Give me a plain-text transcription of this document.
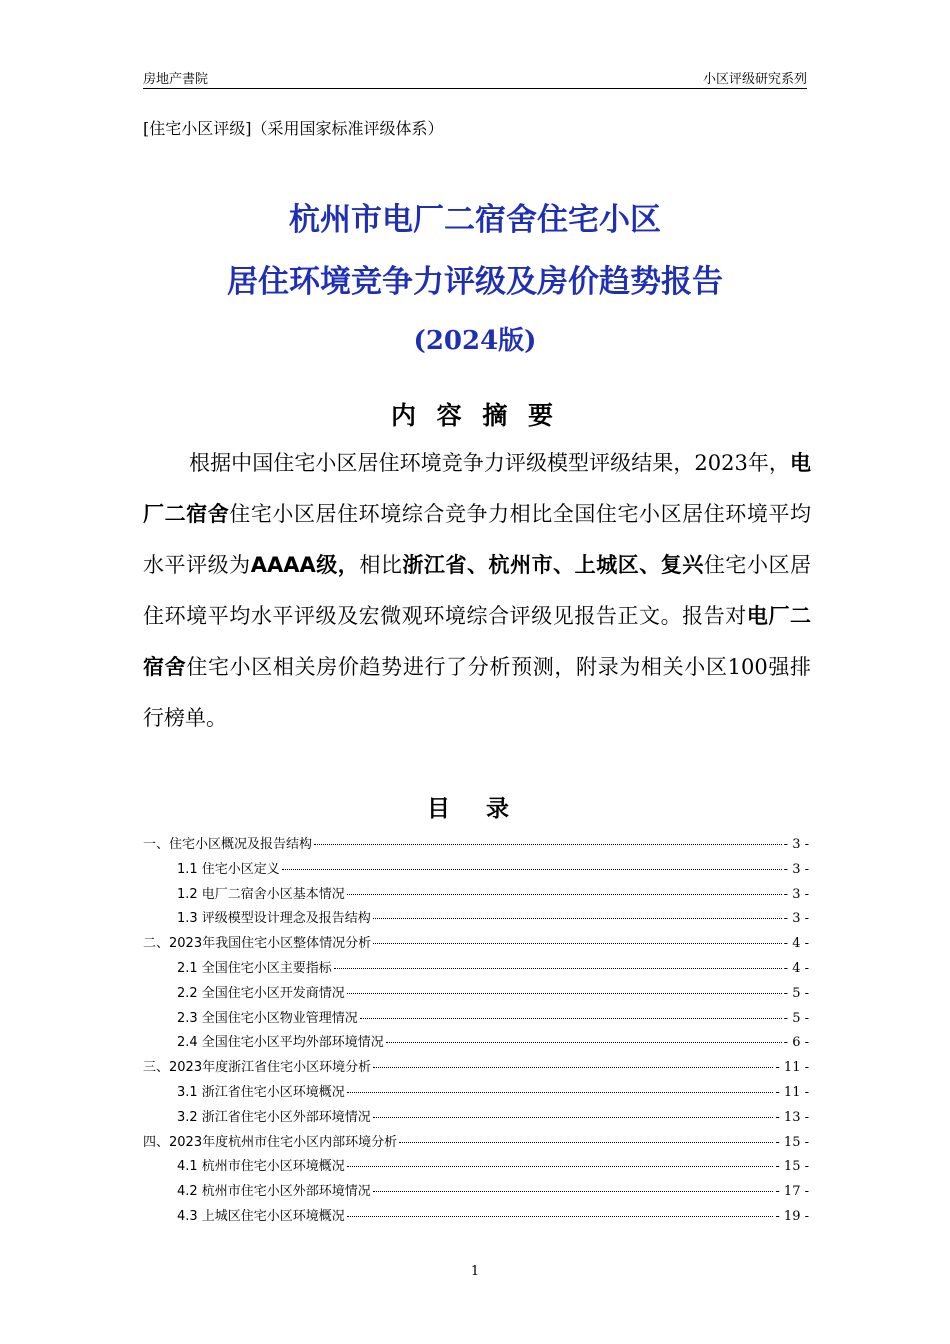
房地产書院	小区评级研究系列
[住宅小区评级]（采用国家标准评级体系）
杭州市电厂二宿舍住宅小区
居住环境竞争力评级及房价趋势报告
(2024版)
内 容 摘 要

根据中国住宅小区居住环境竞争力评级模型评级结果，2023年，电厂二宿舍住宅小区居住环境综合竞争力相比全国住宅小区居住环境平均水平评级为AAAA级，相比浙江省、杭州市、上城区、复兴住宅小区居住环境平均水平评级及宏微观环境综合评级见报告正文。报告对电厂二宿舍住宅小区相关房价趋势进行了分析预测，附录为相关小区100强排行榜单。

目 录
一、住宅小区概况及报告结构	- 3 -
1.1 住宅小区定义	- 3 -
1.2 电厂二宿舍小区基本情况	- 3 -
1.3 评级模型设计理念及报告结构	- 3 -
二、2023年我国住宅小区整体情况分析	- 4 -
2.1 全国住宅小区主要指标	- 4 -
2.2 全国住宅小区开发商情况	- 5 -
2.3 全国住宅小区物业管理情况	- 5 -
2.4 全国住宅小区平均外部环境情况	- 6 -
三、2023年度浙江省住宅小区环境分析	- 11 -
3.1 浙江省住宅小区环境概况	- 11 -
3.2 浙江省住宅小区外部环境情况	- 13 -
四、2023年度杭州市住宅小区内部环境分析	- 15 -
4.1 杭州市住宅小区环境概况	- 15 -
4.2 杭州市住宅小区外部环境情况	- 17 -
4.3 上城区住宅小区环境概况	- 19 -
1
